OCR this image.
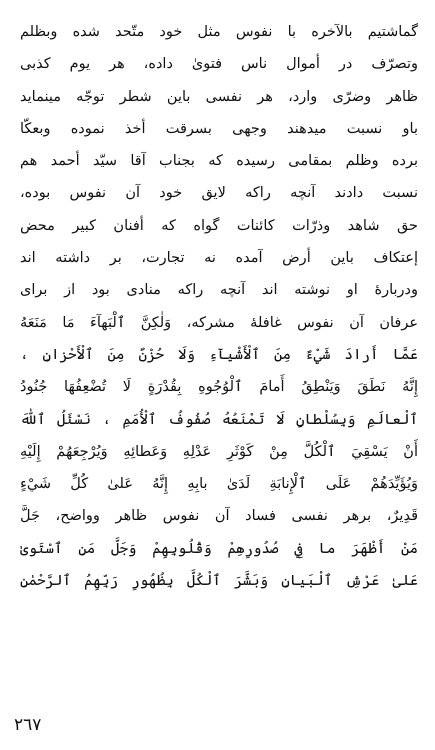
گماشتيم بالآخره با نفوس مثل خود متّحد شده وبظلم
وتصرّف در أموال ناس فتویٰ داده، هر يوم كذبی
ظاهر وضرّی وارد، هر نفسی باين شطر توجّه مينمايد
باو نسبت ميدهند وجهی بسرقت أخذ نموده وبعكّا
برده وظلم بمقامی رسيده كه بجناب آقا سيّد أحمد هم
نسبت دادند آنچه راكه لايق خود آن نفوس بوده،
حق شاهد وذرّات كائنات گواه كه أفنان كبير محض
إعتكاف باين أرض آمده نه تجارت، بر داشته اند
ودربارهٔ او نوشته اند آنچه راكه منادی بود از برای
عرفان آن نفوس غافلهٔ مشركه، وَلٰكِنَّ ٱلْبَهآءَ مَا مَنَعَهُ
عَمَّا أَرادَ شَيْءٌ مِنَ ٱلْأَشْيآءِ وَلَا حُزْنٌ مِنَ ٱلْأَحْزانِ ،
إِنَّهُ نَطَقَ وَيَنْطِقُ أَمامَ ٱلْوُجُوهِ بِقُدْرَةٍ لَا تُضْعِفُهَا جُنُودُ
ٱلْعالَمِ وَبِسُلْطانٍ لَا تَمْنَعُهُ صُفُوفُ ٱلْأُمَمِ ، نَسْئَلُ ٱللّٰهَ
أَنْ يَسْقِيَ ٱلْكُلَّ مِنْ كَوْثَرِ عَدْلِهِ وَعَطائِهِ وَيُرْجِعَهُمْ إِلَيْهِ
وَيُؤَيِّدَهُمْ عَلَى ٱلْإِنابَةِ لَدَىٰ بابِهِ إِنَّهُ عَلىٰ كُلِّ شَيْءٍ
قَدِيرٌ، برهر نفسی فساد آن نفوس ظاهر وواضح، جَلَّ
مَنْ أَظْهَرَ ما فِي صُدُورِهِمْ وَقُلُوبِهِمْ وَجَلَّ مَنِ ٱسْتَوىٰ
عَلىٰ عَرْشِ ٱلْبَيانِ وَبَشَّرَ ٱلْكُلَّ بِظُهُورِ رَبِّهِمُ ٱلرَّحْمٰنِ
٢٦٧
